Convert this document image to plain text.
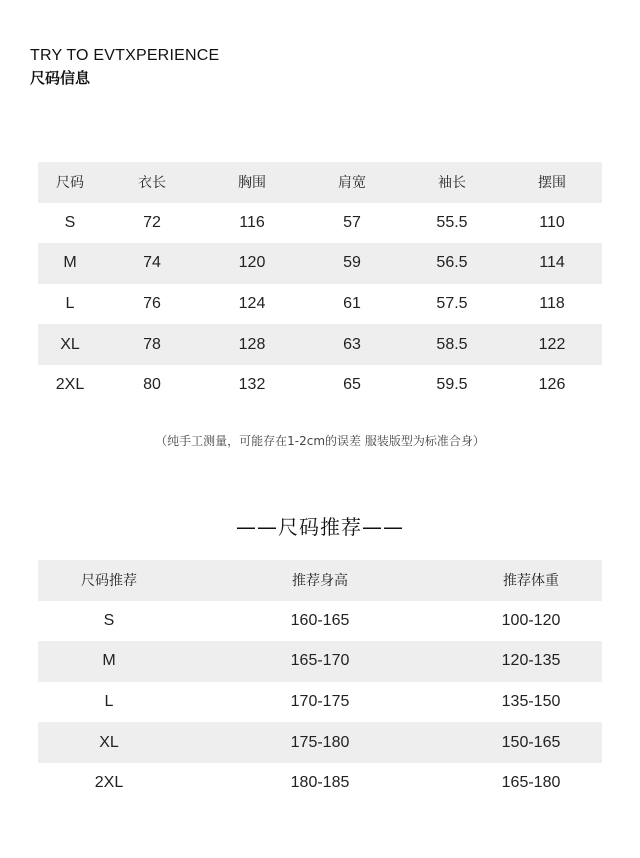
TRY TO EVTXPERIENCE
尺码信息
尺码	衣长	胸围	肩宽	袖长	摆围
S	72	116	57	55.5	110
M	74	120	59	56.5	114
L	76	124	61	57.5	118
XL	78	128	63	58.5	122
2XL	80	132	65	59.5	126
（纯手工测量，可能存在1-2cm的误差 服装版型为标准合身）
——尺码推荐——
尺码推荐	推荐身高	推荐体重
S	160-165	100-120
M	165-170	120-135
L	170-175	135-150
XL	175-180	150-165
2XL	180-185	165-180
